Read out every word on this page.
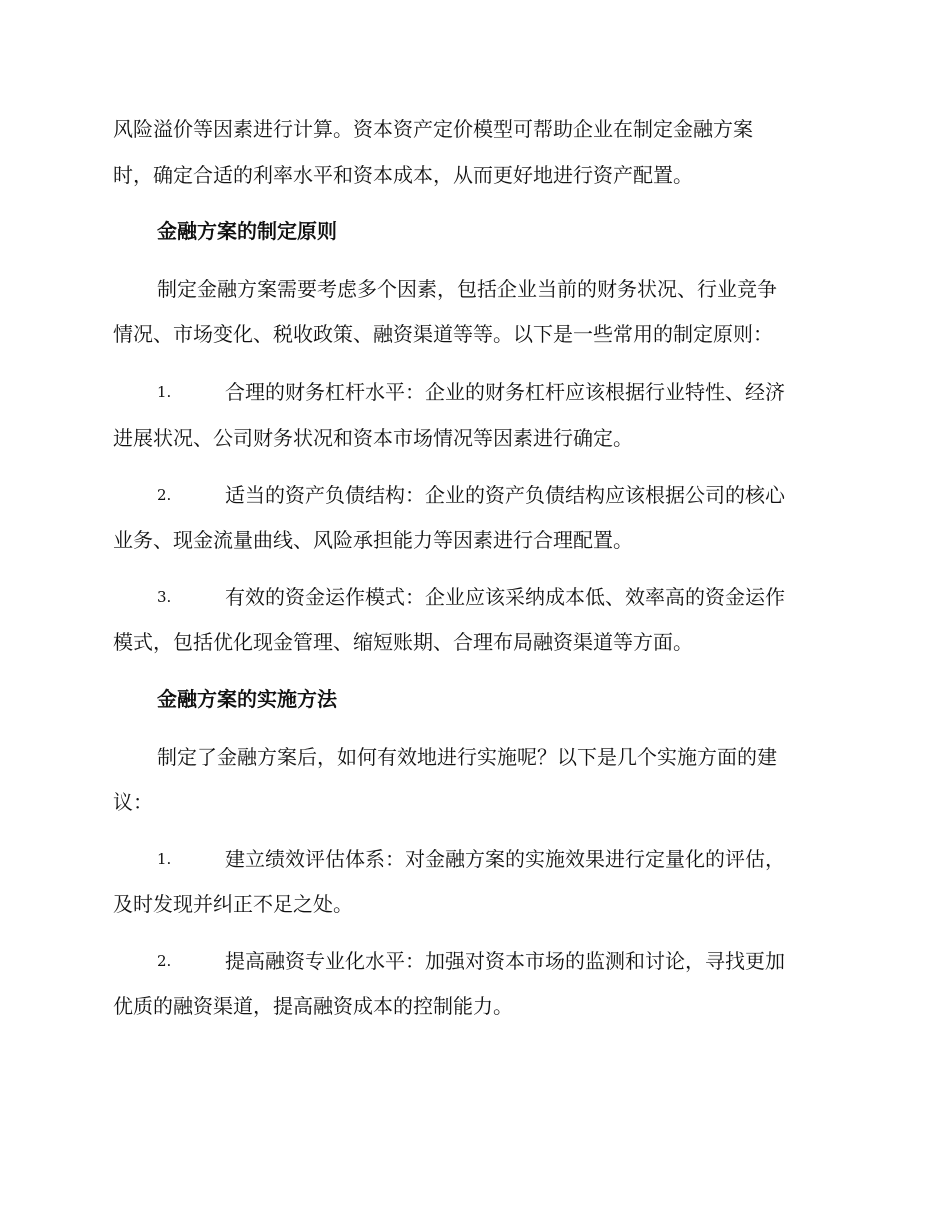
风险溢价等因素进行计算。资本资产定价模型可帮助企业在制定金融方案
时，确定合适的利率水平和资本成本，从而更好地进行资产配置。
金融方案的制定原则
制定金融方案需要考虑多个因素，包括企业当前的财务状况、行业竞争
情况、市场变化、税收政策、融资渠道等等。以下是一些常用的制定原则：
1.	合理的财务杠杆水平：企业的财务杠杆应该根据行业特性、经济
进展状况、公司财务状况和资本市场情况等因素进行确定。
2.	适当的资产负债结构：企业的资产负债结构应该根据公司的核心
业务、现金流量曲线、风险承担能力等因素进行合理配置。
3.	有效的资金运作模式：企业应该采纳成本低、效率高的资金运作
模式，包括优化现金管理、缩短账期、合理布局融资渠道等方面。
金融方案的实施方法
制定了金融方案后，如何有效地进行实施呢？以下是几个实施方面的建
议：
1.	建立绩效评估体系：对金融方案的实施效果进行定量化的评估，
及时发现并纠正不足之处。
2.	提高融资专业化水平：加强对资本市场的监测和讨论，寻找更加
优质的融资渠道，提高融资成本的控制能力。
